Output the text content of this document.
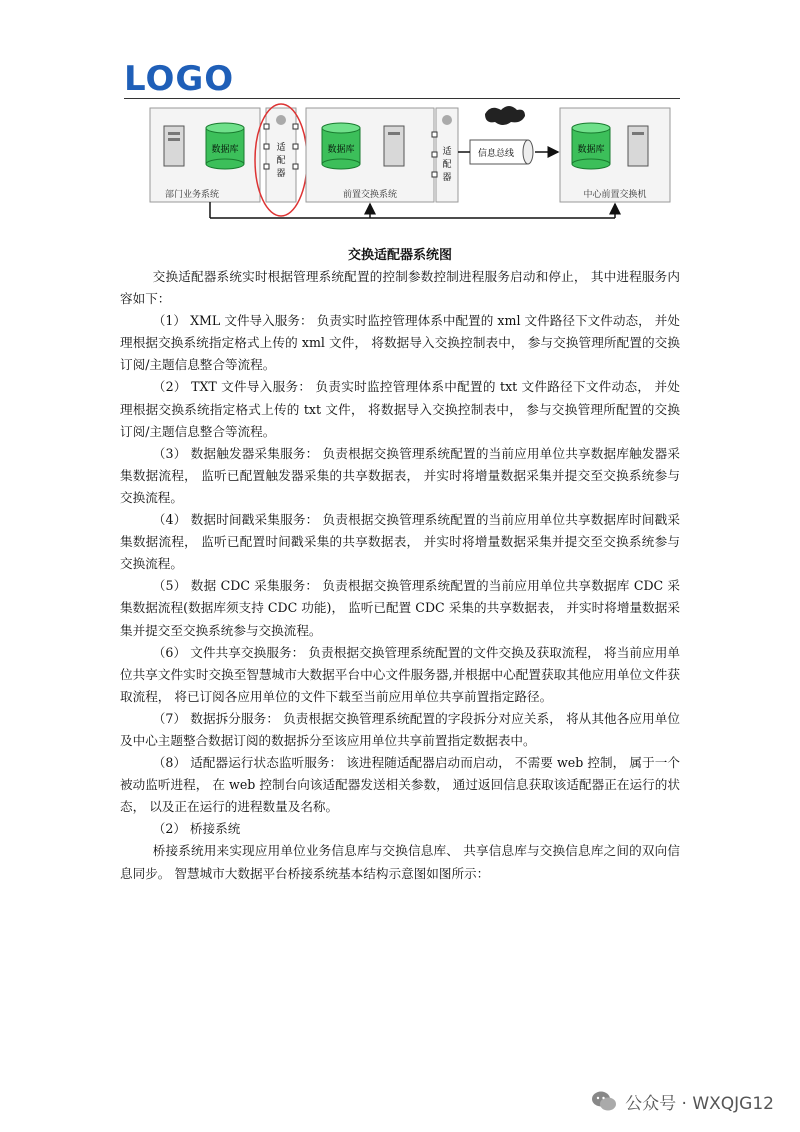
LOGO
数据库
部门业务系统
适配器
数据库
前置交换系统
适配器
信息总线	数据库
中心前置交换机
交换适配器系统图

交换适配器系统实时根据管理系统配置的控制参数控制进程服务启动和停止， 其中进程服务内容如下：

（1） XML 文件导入服务： 负责实时监控管理体系中配置的 xml 文件路径下文件动态， 并处理根据交换系统指定格式上传的 xml 文件， 将数据导入交换控制表中， 参与交换管理所配置的交换订阅/主题信息整合等流程。

（2） TXT 文件导入服务： 负责实时监控管理体系中配置的 txt 文件路径下文件动态， 并处理根据交换系统指定格式上传的 txt 文件， 将数据导入交换控制表中， 参与交换管理所配置的交换订阅/主题信息整合等流程。

（3） 数据触发器采集服务： 负责根据交换管理系统配置的当前应用单位共享数据库触发器采集数据流程， 监听已配置触发器采集的共享数据表， 并实时将增量数据采集并提交至交换系统参与交换流程。

（4） 数据时间戳采集服务： 负责根据交换管理系统配置的当前应用单位共享数据库时间戳采集数据流程， 监听已配置时间戳采集的共享数据表， 并实时将增量数据采集并提交至交换系统参与交换流程。

（5） 数据 CDC 采集服务： 负责根据交换管理系统配置的当前应用单位共享数据库 CDC 采集数据流程(数据库须支持 CDC 功能)， 监听已配置 CDC 采集的共享数据表， 并实时将增量数据采集并提交至交换系统参与交换流程。

（6） 文件共享交换服务： 负责根据交换管理系统配置的文件交换及获取流程， 将当前应用单位共享文件实时交换至智慧城市大数据平台中心文件服务器,并根据中心配置获取其他应用单位文件获取流程， 将已订阅各应用单位的文件下载至当前应用单位共享前置指定路径。

（7） 数据拆分服务： 负责根据交换管理系统配置的字段拆分对应关系， 将从其他各应用单位及中心主题整合数据订阅的数据拆分至该应用单位共享前置指定数据表中。

（8） 适配器运行状态监听服务： 该进程随适配器启动而启动， 不需要 web 控制， 属于一个被动监听进程， 在 web 控制台向该适配器发送相关参数， 通过返回信息获取该适配器正在运行的状态， 以及正在运行的进程数量及名称。

（2） 桥接系统

桥接系统用来实现应用单位业务信息库与交换信息库、 共享信息库与交换信息库之间的双向信息同步。 智慧城市大数据平台桥接系统基本结构示意图如图所示：

公众号 · WXQJG12
